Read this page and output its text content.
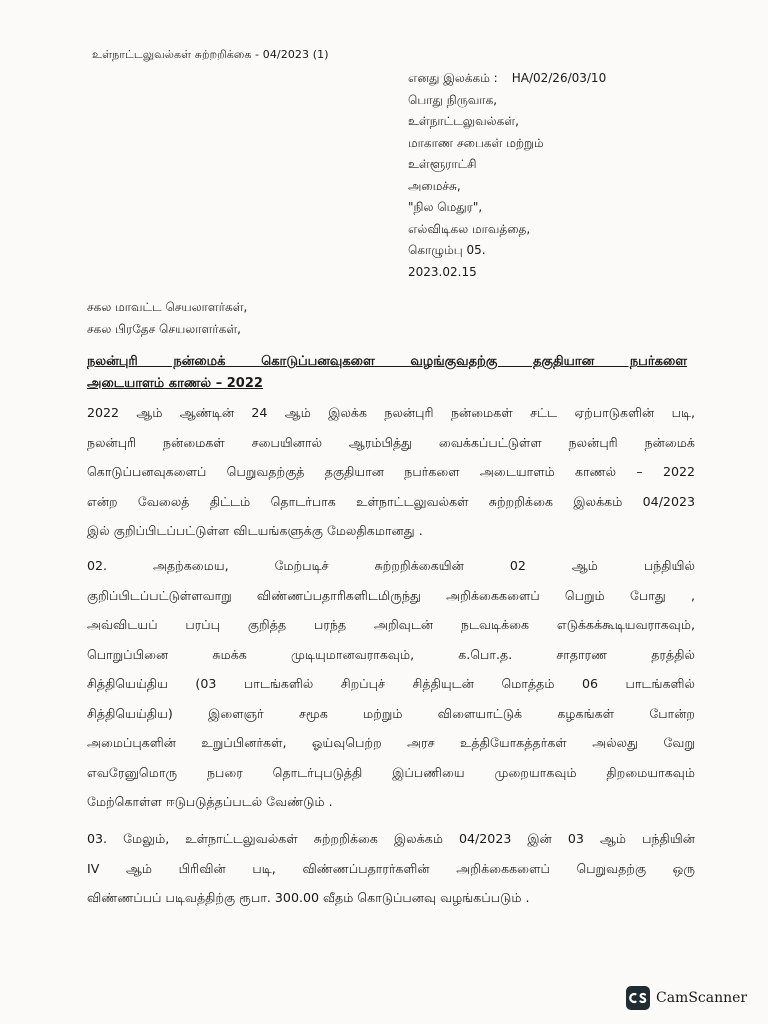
உள்நாட்டலுவல்கள் சுற்றறிக்கை - 04/2023 (1)
எனது இலக்கம் : HA/02/26/03/10
பொது நிருவாக,
உள்நாட்டலுவல்கள்,
மாகாண சபைகள் மற்றும்
உள்ளூராட்சி
அமைச்சு,
"நில மெதுர",
எல்விடிகல மாவத்தை,
கொழும்பு 05.
2023.02.15
சகல மாவட்ட செயலாளர்கள்,
சகல பிரதேச செயலாளர்கள்,
நலன்புரி நன்மைக் கொடுப்பனவுகளை வழங்குவதற்கு தகுதியான நபர்களை
அடையாளம் காணல் – 2022
2022 ஆம் ஆண்டின் 24 ஆம் இலக்க நலன்புரி நன்மைகள் சட்ட ஏற்பாடுகளின் படி,
நலன்புரி நன்மைகள் சபையினால் ஆரம்பித்து வைக்கப்பட்டுள்ள நலன்புரி நன்மைக்
கொடுப்பனவுகளைப் பெறுவதற்குத் தகுதியான நபர்களை அடையாளம் காணல் – 2022
என்ற வேலைத் திட்டம் தொடர்பாக உள்நாட்டலுவல்கள் சுற்றறிக்கை இலக்கம் 04/2023
இல் குறிப்பிடப்பட்டுள்ள விடயங்களுக்கு மேலதிகமானது .
02. அதற்கமைய, மேற்படிச் சுற்றறிக்கையின் 02 ஆம் பந்தியில்
குறிப்பிடப்பட்டுள்ளவாறு விண்ணப்பதாரிகளிடமிருந்து அறிக்கைகளைப் பெறும் போது ,
அவ்விடயப் பரப்பு குறித்த பரந்த அறிவுடன் நடவடிக்கை எடுக்கக்கூடியவராகவும்,
பொறுப்பினை சுமக்க முடியுமானவராகவும், க.பொ.த. சாதாரண தரத்தில்
சித்தியெய்திய (03 பாடங்களில் சிறப்புச் சித்தியுடன் மொத்தம் 06 பாடங்களில்
சித்தியெய்திய) இளைஞர் சமூக மற்றும் விளையாட்டுக் கழகங்கள் போன்ற
அமைப்புகளின் உறுப்பினர்கள், ஓய்வுபெற்ற அரச உத்தியோகத்தர்கள் அல்லது வேறு
எவரேனுமொரு நபரை தொடர்புபடுத்தி இப்பணியை முறையாகவும் திறமையாகவும்
மேற்கொள்ள ஈடுபடுத்தப்படல் வேண்டும் .
03. மேலும், உள்நாட்டலுவல்கள் சுற்றறிக்கை இலக்கம் 04/2023 இன் 03 ஆம் பந்தியின்
IV ஆம் பிரிவின் படி, விண்ணப்பதாரர்களின் அறிக்கைகளைப் பெறுவதற்கு ஒரு
விண்ணப்பப் படிவத்திற்கு ரூபா. 300.00 வீதம் கொடுப்பனவு வழங்கப்படும் .
CamScanner
